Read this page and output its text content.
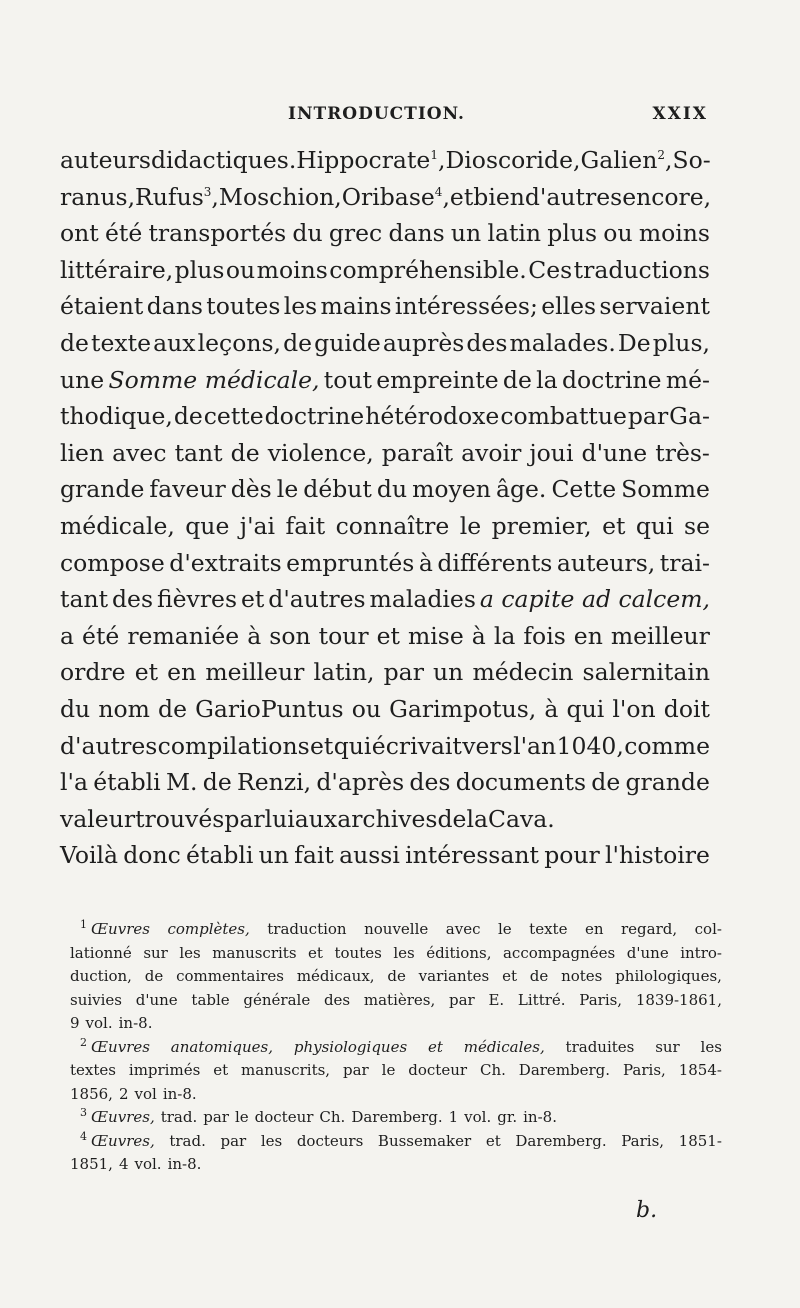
INTRODUCTION.	XXIX
auteurs didactiques. Hippocrate $^1$, Dioscoride, Galien $^2$, So-
ranus, Rufus $^3$, Moschion, Oribase $^4$, et bien d'autres encore,
ont été transportés du grec dans un latin plus ou moins
littéraire, plus ou moins compréhensible. Ces traductions
étaient dans toutes les mains intéressées; elles servaient
de texte aux leçons, de guide auprès des malades. De plus,
une Somme médicale, tout empreinte de la doctrine mé-
thodique, de cette doctrine hétérodoxe combattue par Ga-
lien avec tant de violence, paraît avoir joui d'une très-
grande faveur dès le début du moyen âge. Cette Somme
médicale, que j'ai fait connaître le premier, et qui se
compose d'extraits empruntés à différents auteurs, trai-
tant des fièvres et d'autres maladies a capite ad calcem,
a été remaniée à son tour et mise à la fois en meilleur
ordre et en meilleur latin, par un médecin salernitain
du nom de GarioPuntus ou Garimpotus, à qui l'on doit
d'autres compilations et qui écrivait vers l'an 1040, comme
l'a établi M. de Renzi, d'après des documents de grande
valeur trouvés par lui aux archives de la Cava.
Voilà donc établi un fait aussi intéressant pour l'histoire
$^1$ Œuvres complètes, traduction nouvelle avec le texte en regard, col-
lationné sur les manuscrits et toutes les éditions, accompagnées d'une intro-
duction, de commentaires médicaux, de variantes et de notes philologiques,
suivies d'une table générale des matières, par E. Littré. Paris, 1839-1861,
9 vol. in-8.
$^2$ Œuvres anatomiques, physiologiques et médicales, traduites sur les
textes imprimés et manuscrits, par le docteur Ch. Daremberg. Paris, 1854-
1856, 2 vol in-8.
$^3$ Œuvres, trad. par le docteur Ch. Daremberg. 1 vol. gr. in-8.
$^4$ Œuvres, trad. par les docteurs Bussemaker et Daremberg. Paris, 1851-
1851, 4 vol. in-8.
b.
